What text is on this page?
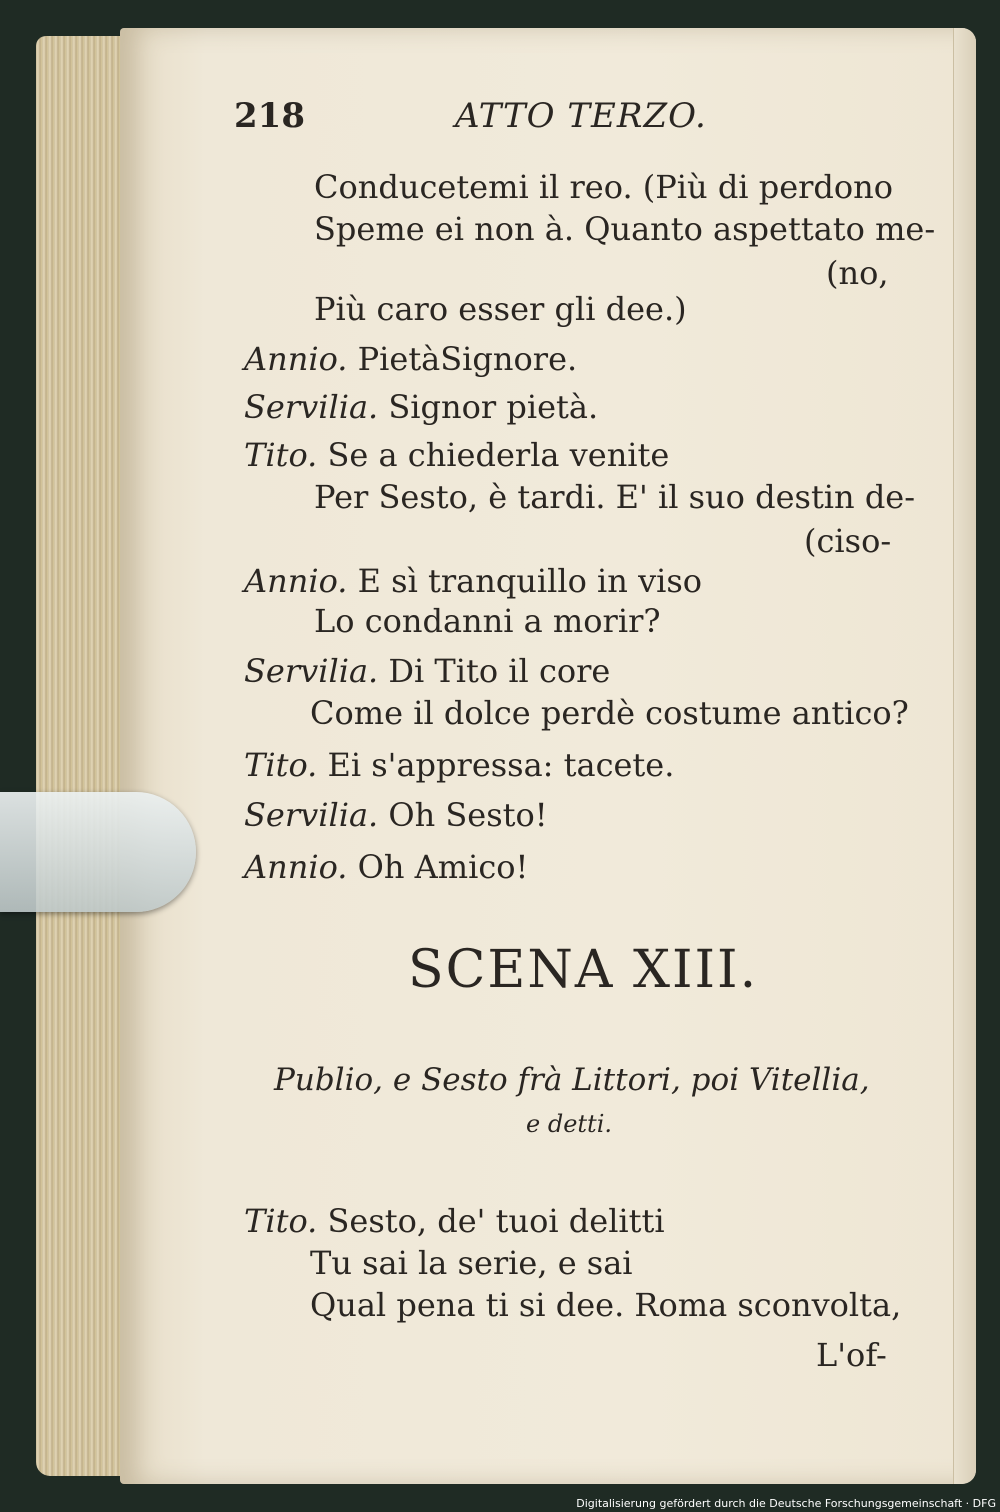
218	ATTO TERZO.
Conducetemi il reo. (Più di perdono
Speme ei non à. Quanto aspettato me-
(no,
Più caro esser gli dee.)
Annio. PietàSignore.
Servilia. Signor pietà.
Tito. Se a chiederla venite
Per Sesto, è tardi. E' il suo destin de-
(ciso-
Annio. E sì tranquillo in viso
Lo condanni a morir?
Servilia. Di Tito il core
Come il dolce perdè costume antico?
Tito. Ei s'appressa: tacete.
Servilia. Oh Sesto!
Annio. Oh Amico!
SCENA XIII.
Publio, e Sesto frà Littori, poi Vitellia,
e detti.
Tito. Sesto, de' tuoi delitti
Tu sai la serie, e sai
Qual pena ti si dee. Roma sconvolta,
L'of-
Digitalisierung gefördert durch die Deutsche Forschungsgemeinschaft · DFG
